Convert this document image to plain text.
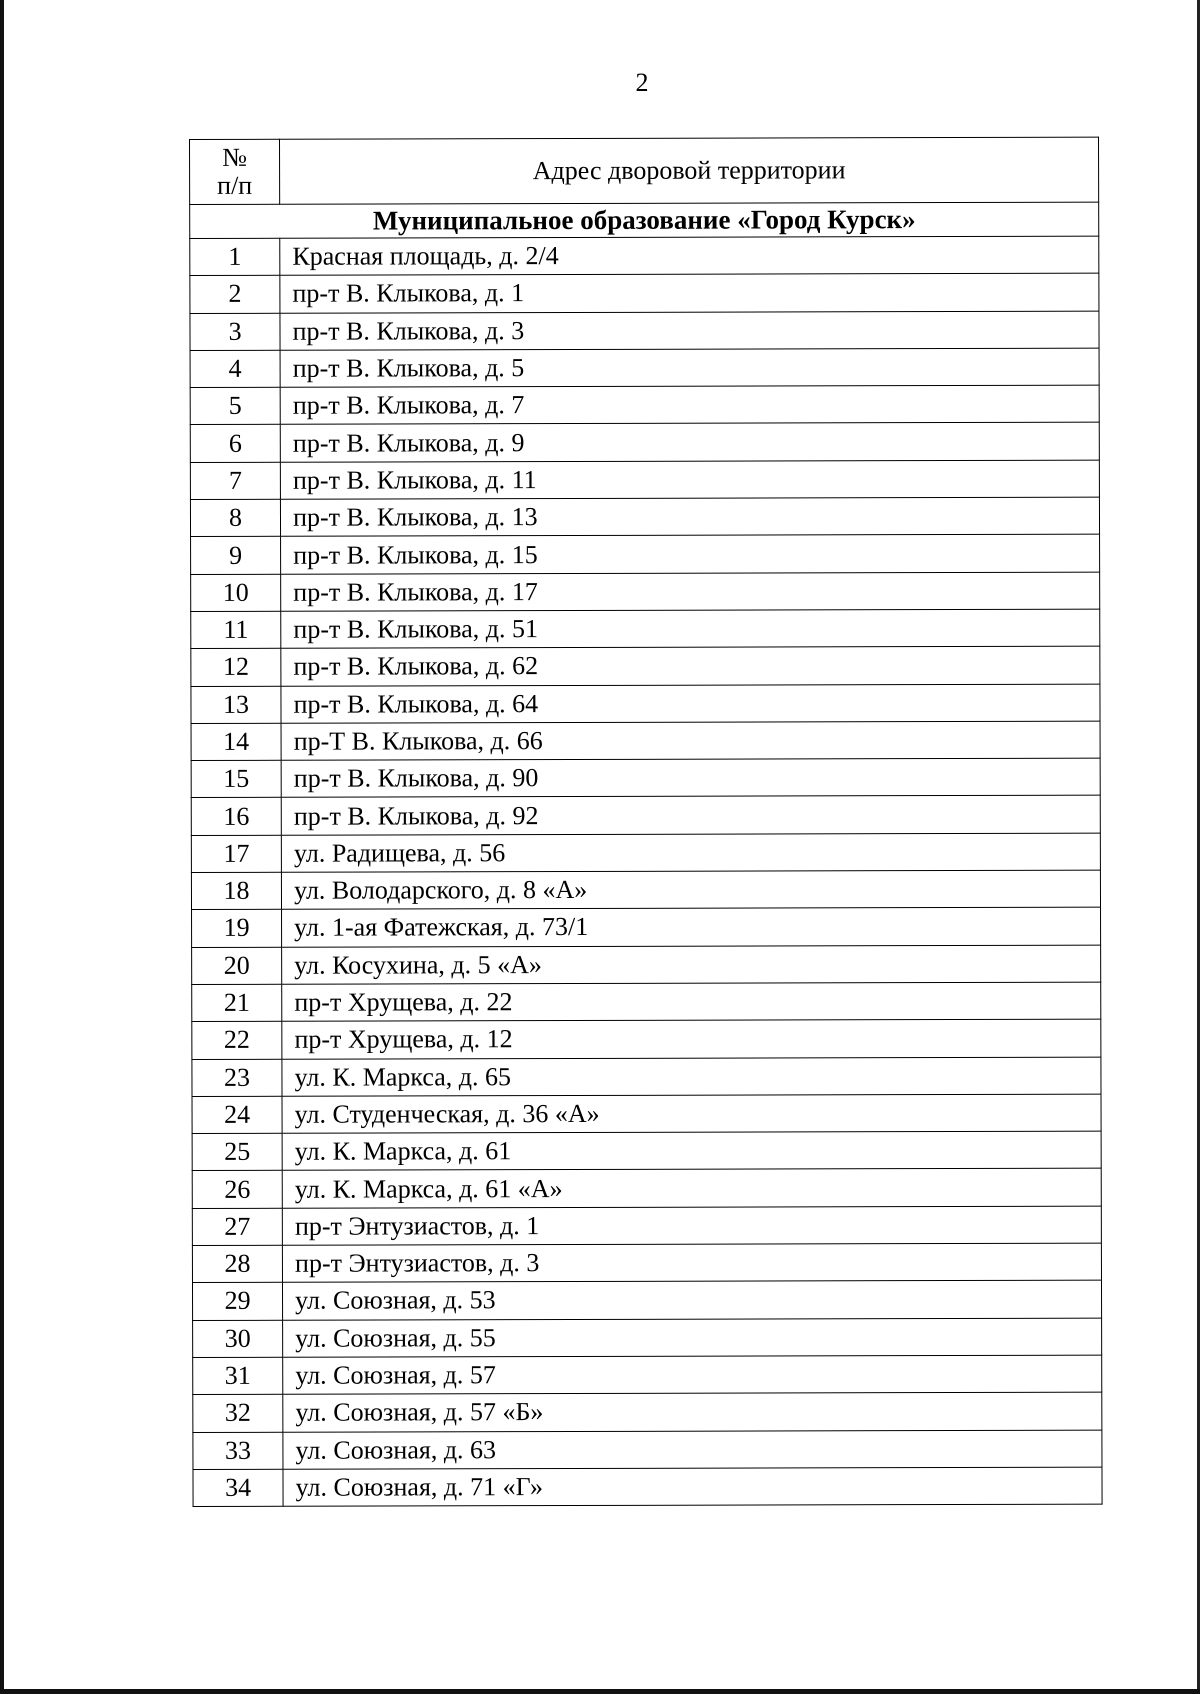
2
№
п/п	Адрес дворовой территории
Муниципальное образование «Город Курск»	
1	Красная площадь, д. 2/4
2	пр-т В. Клыкова, д. 1
3	пр-т В. Клыкова, д. 3
4	пр-т В. Клыкова, д. 5
5	пр-т В. Клыкова, д. 7
6	пр-т В. Клыкова, д. 9
7	пр-т В. Клыкова, д. 11
8	пр-т В. Клыкова, д. 13
9	пр-т В. Клыкова, д. 15
10	пр-т В. Клыкова, д. 17
11	пр-т В. Клыкова, д. 51
12	пр-т В. Клыкова, д. 62
13	пр-т В. Клыкова, д. 64
14	пр-Т В. Клыкова, д. 66
15	пр-т В. Клыкова, д. 90
16	пр-т В. Клыкова, д. 92
17	ул. Радищева, д. 56
18	ул. Володарского, д. 8 «А»
19	ул. 1-ая Фатежская, д. 73/1
20	ул. Косухина, д. 5 «А»
21	пр-т Хрущева, д. 22
22	пр-т Хрущева, д. 12
23	ул. К. Маркса, д. 65
24	ул. Студенческая, д. 36 «А»
25	ул. К. Маркса, д. 61
26	ул. К. Маркса, д. 61 «А»
27	пр-т Энтузиастов, д. 1
28	пр-т Энтузиастов, д. 3
29	ул. Союзная, д. 53
30	ул. Союзная, д. 55
31	ул. Союзная, д. 57
32	ул. Союзная, д. 57 «Б»
33	ул. Союзная, д. 63
34	ул. Союзная, д. 71 «Г»
